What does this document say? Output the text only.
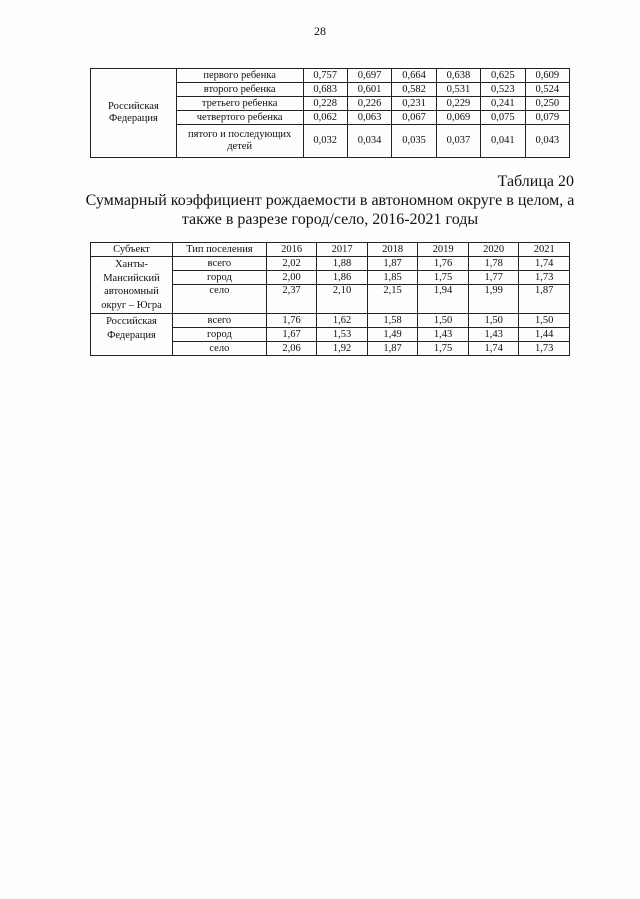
28
Российская Федерация	первого ребенка	0,757	0,697	0,664	0,638	0,625	0,609
	второго ребенка	0,683	0,601	0,582	0,531	0,523	0,524
	третьего ребенка	0,228	0,226	0,231	0,229	0,241	0,250
	четвертого ребенка	0,062	0,063	0,067	0,069	0,075	0,079
	пятого и последующих детей	0,032	0,034	0,035	0,037	0,041	0,043
Таблица 20
Суммарный коэффициент рождаемости в автономном округе в целом, а также в разрезе город/село, 2016-2021 годы
Субъект	Тип поселения	2016	2017	2018	2019	2020	2021
Ханты-Мансийский автономный округ – Югра	всего	2,02	1,88	1,87	1,76	1,78	1,74
	город	2,00	1,86	1,85	1,75	1,77	1,73
	село	2,37	2,10	2,15	1,94	1,99	1,87
Российская Федерация	всего	1,76	1,62	1,58	1,50	1,50	1,50
	город	1,67	1,53	1,49	1,43	1,43	1,44
	село	2,06	1,92	1,87	1,75	1,74	1,73
